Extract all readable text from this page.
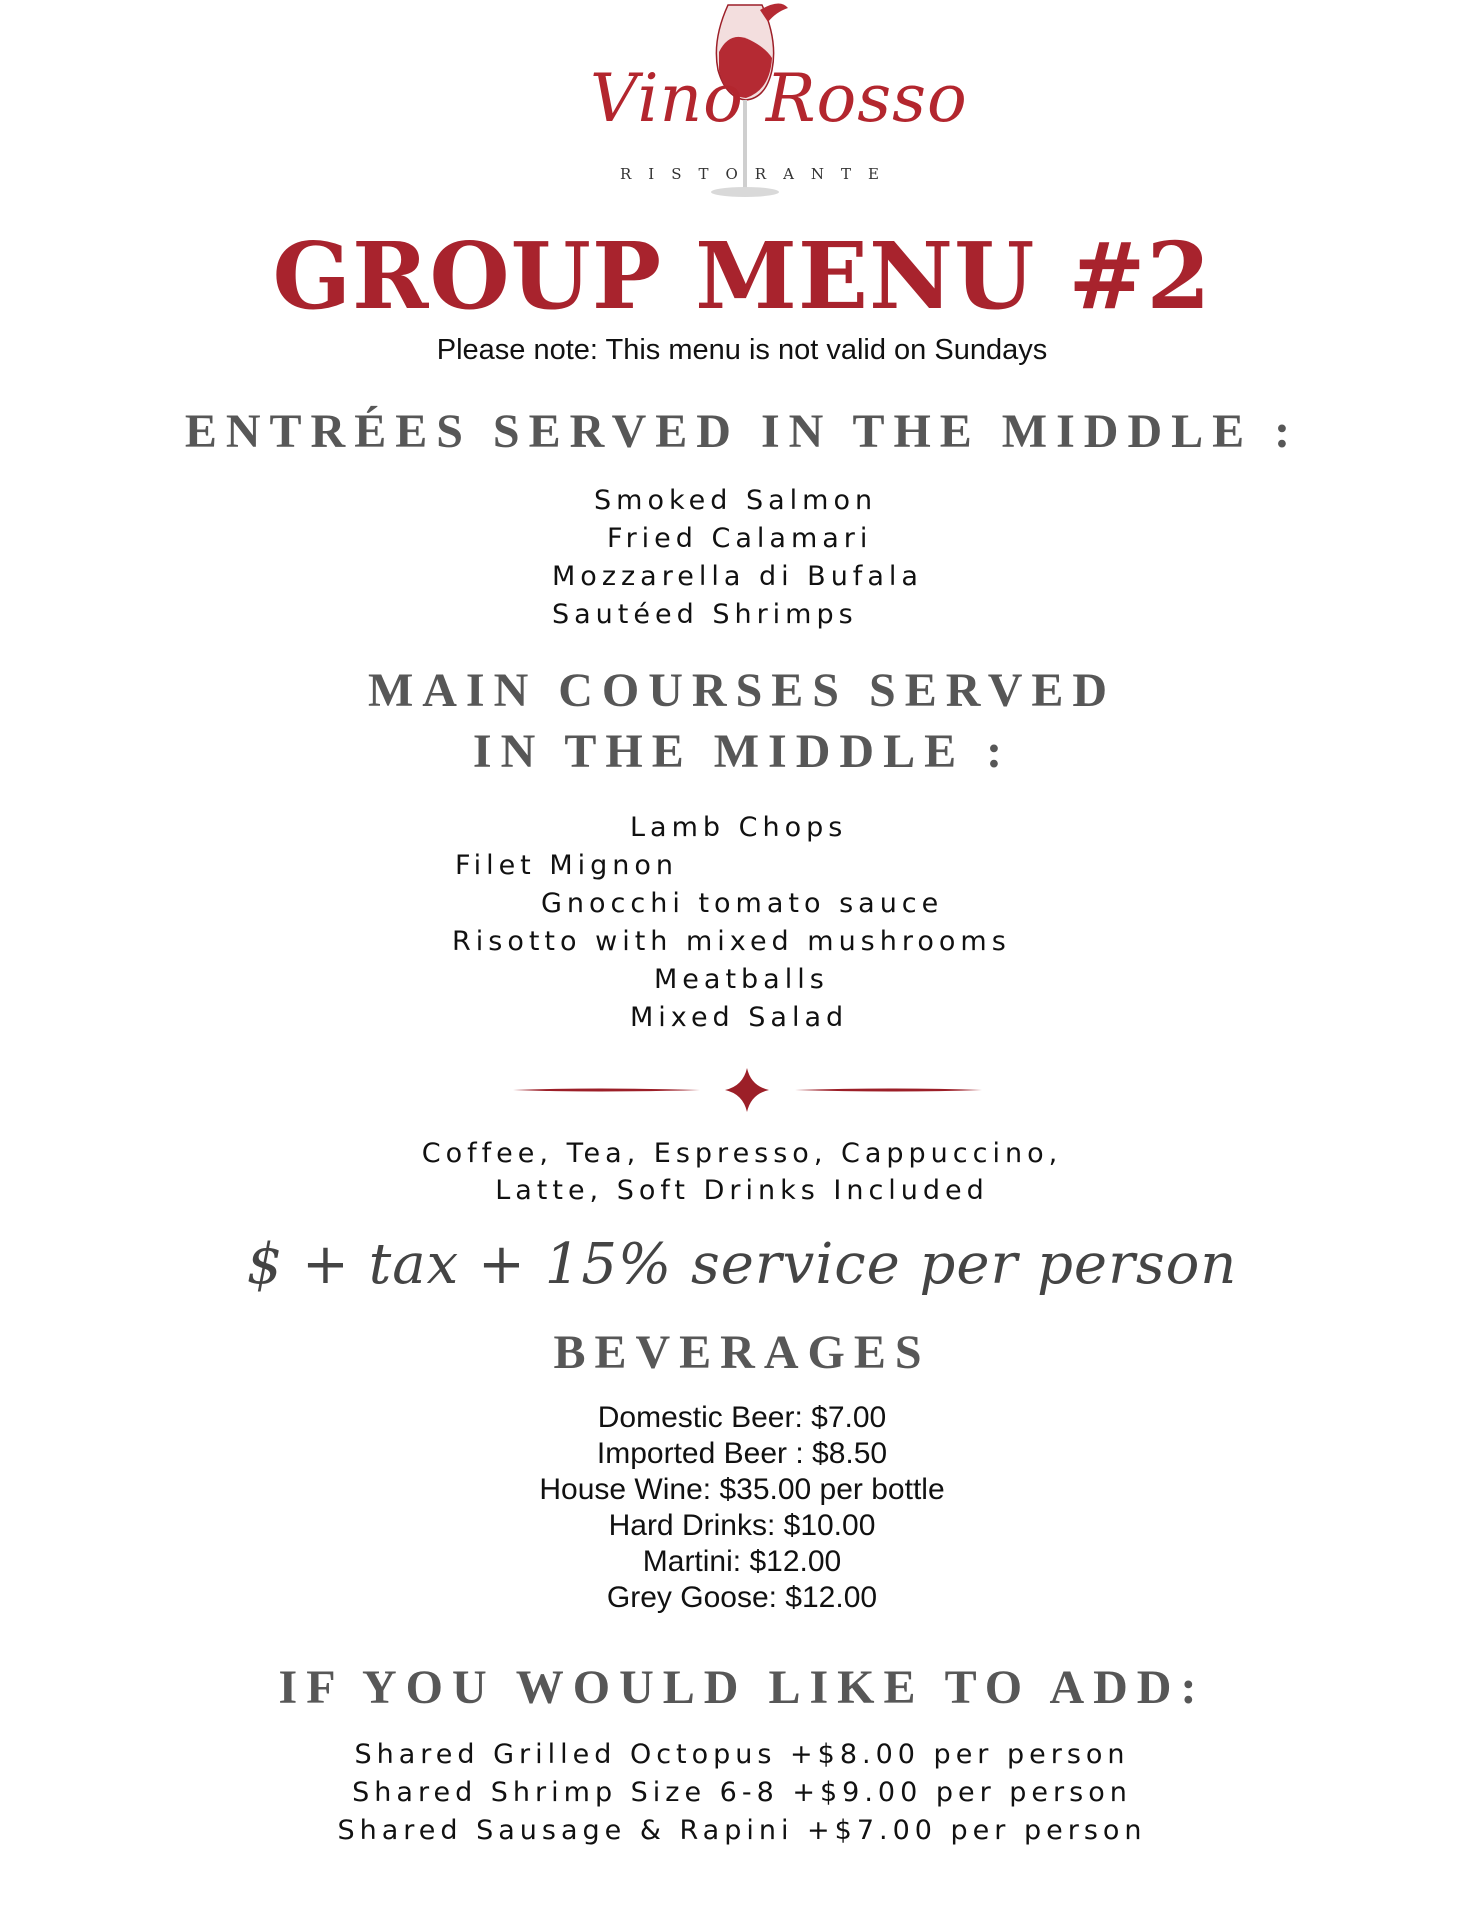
Vino Rosso
RISTORANTE
GROUP MENU #2
Please note: This menu is not valid on Sundays
ENTRÉES SERVED IN THE MIDDLE :
Smoked Salmon
Fried Calamari
Mozzarella di Bufala
Sautéed Shrimps
MAIN COURSES SERVED
IN THE MIDDLE :
Lamb Chops
Filet Mignon
Gnocchi tomato sauce
Risotto with mixed mushrooms
Meatballs
Mixed Salad
Coffee, Tea, Espresso, Cappuccino,
Latte, Soft Drinks Included
$ + tax + 15% service per person
BEVERAGES
Domestic Beer: $7.00
Imported Beer : $8.50
House Wine: $35.00 per bottle
Hard Drinks: $10.00
Martini: $12.00
Grey Goose: $12.00
IF YOU WOULD LIKE TO ADD:
Shared Grilled Octopus +$8.00 per person
Shared Shrimp Size 6-8 +$9.00 per person
Shared Sausage & Rapini +$7.00 per person
